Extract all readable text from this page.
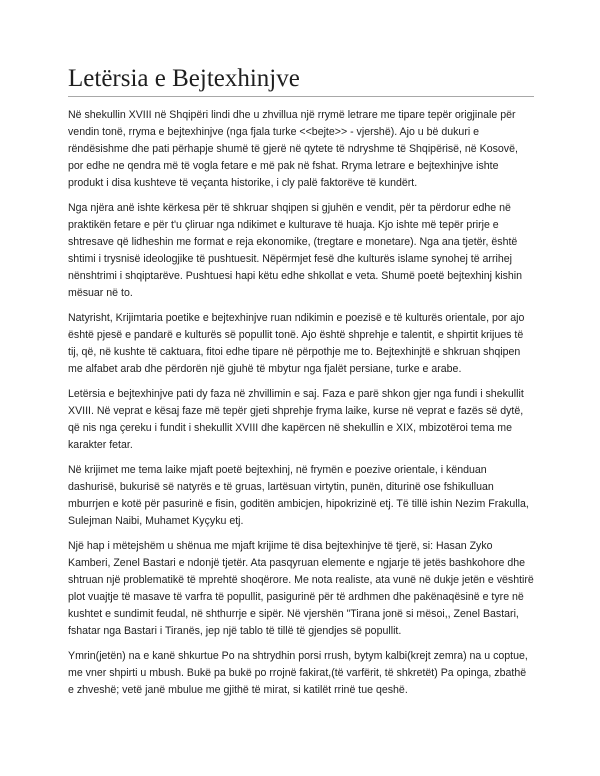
Letërsia e Bejtexhinjve

Në shekullin XVIII në Shqipëri lindi dhe u zhvillua një rrymë letrare me tipare tepër origjinale për vendin tonë, rryma e bejtexhinjve (nga fjala turke <<bejte>> - vjershë). Ajo u bë dukuri e rëndësishme dhe pati përhapje shumë të gjerë në qytete të ndryshme të Shqipërisë, në Kosovë, por edhe ne qendra më të vogla fetare e më pak në fshat. Rryma letrare e bejtexhinjve ishte produkt i disa kushteve të veçanta historike, i cly palë faktorëve të kundërt.

Nga njëra anë ishte kërkesa për të shkruar shqipen si gjuhën e vendit, për ta përdorur edhe në praktikën fetare e për t'u çliruar nga ndikimet e kulturave të huaja. Kjo ishte më tepër prirje e shtresave që lidheshin me format e reja ekonomike, (tregtare e monetare). Nga ana tjetër, është shtimi i trysnisë ideologjike të pushtuesit. Nëpërmjet fesë dhe kulturës islame synohej të arrihej nënshtrimi i shqiptarëve. Pushtuesi hapi këtu edhe shkollat e veta. Shumë poetë bejtexhinj kishin mësuar në to.

Natyrisht, Krijimtaria poetike e bejtexhinjve ruan ndikimin e poezisë e të kulturës orientale, por ajo është pjesë e pandarë e kulturës së popullit tonë. Ajo është shprehje e talentit, e shpirtit krijues të tij, që, në kushte të caktuara, fitoi edhe tipare në përpothje me to. Bejtexhinjtë e shkruan shqipen me alfabet arab dhe përdorën një gjuhë të mbytur nga fjalët persiane, turke e arabe.

Letërsia e bejtexhinjve pati dy faza në zhvillimin e saj. Faza e parë shkon gjer nga fundi i shekullit XVIII. Në veprat e kësaj faze më tepër gjeti shprehje fryma laike, kurse në veprat e fazës së dytë, që nis nga çereku i fundit i shekullit XVIII dhe kapërcen në shekullin e XIX, mbizotëroi tema me karakter fetar.

Në krijimet me tema laike mjaft poetë bejtexhinj, në frymën e poezive orientale, i kënduan dashurisë, bukurisë së natyrës e të gruas, lartësuan virtytin, punën, diturinë ose fshikulluan mburrjen e kotë për pasurinë e fisin, goditën ambicjen, hipokrizinë etj. Të tillë ishin Nezim Frakulla, Sulejman Naibi, Muhamet Kyçyku etj.

Një hap i mëtejshëm u shënua me mjaft krijime të disa bejtexhinjve të tjerë, si: Hasan Zyko Kamberi, Zenel Bastari e ndonjë tjetër. Ata pasqyruan elemente e ngjarje të jetës bashkohore dhe shtruan një problematikë të mprehtë shoqërore. Me nota realiste, ata vunë në dukje jetën e vështirë plot vuajtje të masave të varfra të popullit, pasigurinë për të ardhmen dhe pakënaqësinë e tyre në kushtet e sundimit feudal, në shthurrje e sipër. Në vjershën "Tirana jonë si mësoi,, Zenel Bastari, fshatar nga Bastari i Tiranës, jep një tablo të tillë të gjendjes së popullit.

Ymrin(jetën) na e kanë shkurtue Po na shtrydhin porsi rrush, bytym kalbi(krejt zemra) na u coptue, me vner shpirti u mbush. Bukë pa bukë po rrojnë fakirat,(të varfërit, të shkretët) Pa opinga, zbathë e zhveshë; vetë janë mbulue me gjithë të mirat, si katilët rrinë tue qeshë.
